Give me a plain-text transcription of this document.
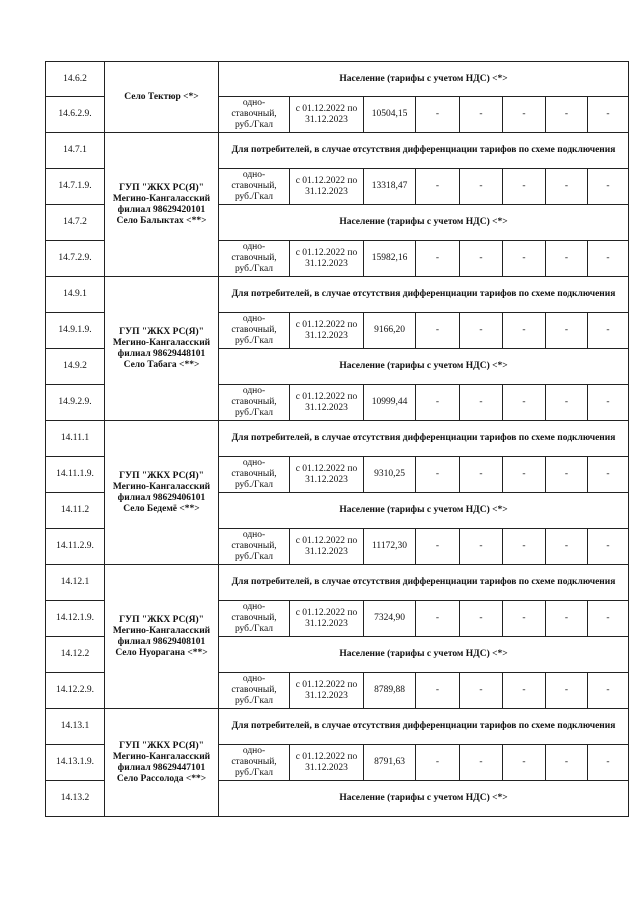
14.6.2	Село Тектюр <*>	Население (тарифы с учетом НДС) <*>							
14.6.2.9.		одно-ставочный, руб./Гкал	с 01.12.2022 по 31.12.2023	10504,15	-	-	-	-	-
14.7.1	ГУП "ЖКХ РС(Я)" Мегино-Кангаласский филиал 98629420101 Село Балыктах <**>	Для потребителей, в случае отсутствия дифференциации тарифов по схеме подключения							
14.7.1.9.		одно-ставочный, руб./Гкал	с 01.12.2022 по 31.12.2023	13318,47	-	-	-	-	-
14.7.2		Население (тарифы с учетом НДС) <*>							
14.7.2.9.		одно-ставочный, руб./Гкал	с 01.12.2022 по 31.12.2023	15982,16	-	-	-	-	-
14.9.1	ГУП "ЖКХ РС(Я)" Мегино-Кангаласский филиал 98629448101 Село Табага <**>	Для потребителей, в случае отсутствия дифференциации тарифов по схеме подключения							
14.9.1.9.		одно-ставочный, руб./Гкал	с 01.12.2022 по 31.12.2023	9166,20	-	-	-	-	-
14.9.2		Население (тарифы с учетом НДС) <*>							
14.9.2.9.		одно-ставочный, руб./Гкал	с 01.12.2022 по 31.12.2023	10999,44	-	-	-	-	-
14.11.1	ГУП "ЖКХ РС(Я)" Мегино-Кангаласский филиал 98629406101 Село Бедемё <**>	Для потребителей, в случае отсутствия дифференциации тарифов по схеме подключения							
14.11.1.9.		одно-ставочный, руб./Гкал	с 01.12.2022 по 31.12.2023	9310,25	-	-	-	-	-
14.11.2		Население (тарифы с учетом НДС) <*>							
14.11.2.9.		одно-ставочный, руб./Гкал	с 01.12.2022 по 31.12.2023	11172,30	-	-	-	-	-
14.12.1	ГУП "ЖКХ РС(Я)" Мегино-Кангаласский филиал 98629408101 Село Нуорагана <**>	Для потребителей, в случае отсутствия дифференциации тарифов по схеме подключения							
14.12.1.9.		одно-ставочный, руб./Гкал	с 01.12.2022 по 31.12.2023	7324,90	-	-	-	-	-
14.12.2		Население (тарифы с учетом НДС) <*>							
14.12.2.9.		одно-ставочный, руб./Гкал	с 01.12.2022 по 31.12.2023	8789,88	-	-	-	-	-
14.13.1	ГУП "ЖКХ РС(Я)" Мегино-Кангаласский филиал 98629447101 Село Рассолода <**>	Для потребителей, в случае отсутствия дифференциации тарифов по схеме подключения							
14.13.1.9.		одно-ставочный, руб./Гкал	с 01.12.2022 по 31.12.2023	8791,63	-	-	-	-	-
14.13.2		Население (тарифы с учетом НДС) <*>							
